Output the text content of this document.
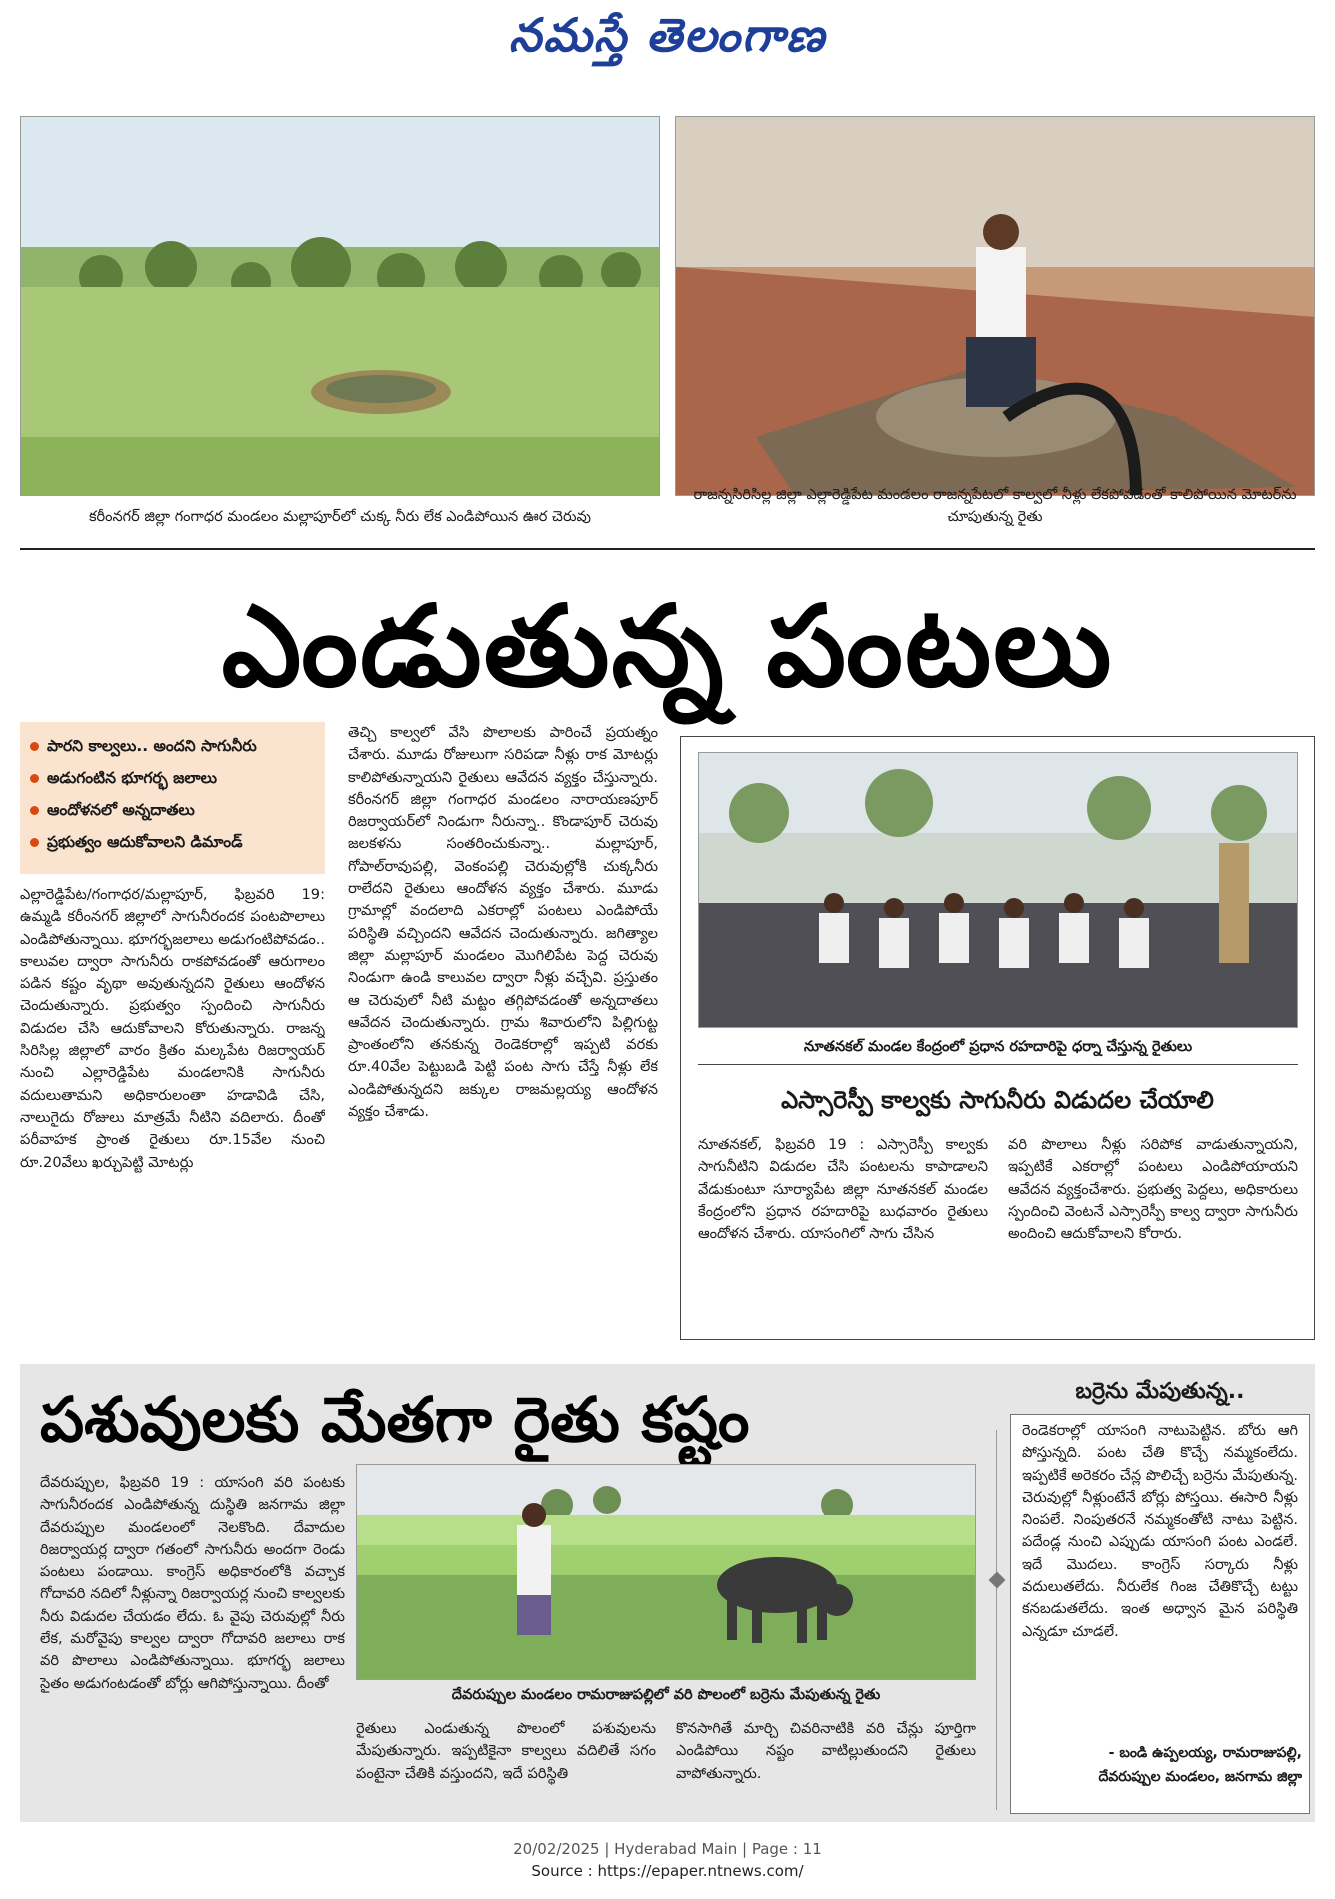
నమస్తే తెలంగాణ
కరీంనగర్‌ జిల్లా గంగాధర మండలం మల్లాపూర్‌లో చుక్క నీరు లేక ఎండిపోయిన ఊర చెరువు
రాజన్నసిరిసిల్ల జిల్లా ఎల్లారెడ్డిపేట మండలం రాజన్నపేటలో కాల్వలో నీళ్లు లేకపోవడంతో కాలిపోయిన మోటర్‌ను చూపుతున్న రైతు
ఎండుతున్న పంటలు
పారని కాల్వలు.. అందని సాగునీరు
అడుగంటిన భూగర్భ జలాలు
ఆందోళనలో అన్నదాతలు
ప్రభుత్వం ఆదుకోవాలని డిమాండ్‌
ఎల్లారెడ్డిపేట/గంగాధర/మల్లాపూర్‌, ఫిబ్రవరి 19: ఉమ్మడి కరీంనగర్‌ జిల్లాలో సాగునీరందక పంటపొలాలు ఎండిపోతున్నాయి. భూగర్భజలాలు అడుగంటిపోవడం.. కాలువల ద్వారా సాగునీరు రాకపోవడంతో ఆరుగాలం పడిన కష్టం వృథా అవుతున్నదని రైతులు ఆందోళన చెందుతున్నారు. ప్రభుత్వం స్పందించి సాగునీరు విడుదల చేసి ఆదుకోవాలని కోరుతున్నారు. రాజన్న సిరిసిల్ల జిల్లాలో వారం క్రితం మల్కపేట రిజర్వాయర్‌ నుంచి ఎల్లారెడ్డిపేట మండలానికి సాగునీరు వదులుతామని అధికారులంతా హడావిడి చేసి, నాలుగైదు రోజులు మాత్రమే నీటిని వదిలారు. దీంతో పరీవాహక ప్రాంత రైతులు రూ.15వేల నుంచి రూ.20వేలు ఖర్చుపెట్టి మోటర్లు
తెచ్చి కాల్వలో వేసి పొలాలకు పారించే ప్రయత్నం చేశారు. మూడు రోజులుగా సరిపడా నీళ్లు రాక మోటర్లు కాలిపోతున్నాయని రైతులు ఆవేదన వ్యక్తం చేస్తున్నారు. కరీంనగర్‌ జిల్లా గంగాధర మండలం నారాయణపూర్‌ రిజర్వాయర్‌లో నిండుగా నీరున్నా.. కొండాపూర్‌ చెరువు జలకళను సంతరించుకున్నా.. మల్లాపూర్‌, గోపాల్‌రావుపల్లి, వెంకంపల్లి చెరువుల్లోకి చుక్కనీరు రాలేదని రైతులు ఆందోళన వ్యక్తం చేశారు. మూడు గ్రామాల్లో వందలాది ఎకరాల్లో పంటలు ఎండిపోయే పరిస్థితి వచ్చిందని ఆవేదన చెందుతున్నారు. జగిత్యాల జిల్లా మల్లాపూర్‌ మండలం మొగిలిపేట పెద్ద చెరువు నిండుగా ఉండి కాలువల ద్వారా నీళ్లు వచ్చేవి. ప్రస్తుతం ఆ చెరువులో నీటి మట్టం తగ్గిపోవడంతో అన్నదాతలు ఆవేదన చెందుతున్నారు. గ్రామ శివారులోని పిల్లిగుట్ట ప్రాంతంలోని తనకున్న రెండెకరాల్లో ఇప్పటి వరకు రూ.40వేల పెట్టుబడి పెట్టి పంట సాగు చేస్తే నీళ్లు లేక ఎండిపోతున్నదని జక్కుల రాజమల్లయ్య ఆందోళన వ్యక్తం చేశాడు.
నూతనకల్‌ మండల కేంద్రంలో ప్రధాన రహదారిపై ధర్నా చేస్తున్న రైతులు
ఎస్సారెస్పీ కాల్వకు సాగునీరు విడుదల చేయాలి
నూతనకల్‌, ఫిబ్రవరి 19 : ఎస్సారెస్పీ కాల్వకు సాగునీటిని విడుదల చేసి పంటలను కాపాడాలని వేడుకుంటూ సూర్యాపేట జిల్లా నూతనకల్‌ మండల కేంద్రంలోని ప్రధాన రహదారిపై బుధవారం రైతులు ఆందోళన చేశారు. యాసంగిలో సాగు చేసిన
వరి పొలాలు నీళ్లు సరిపోక వాడుతున్నాయని, ఇప్పటికే ఎకరాల్లో పంటలు ఎండిపోయాయని ఆవేదన వ్యక్తంచేశారు. ప్రభుత్వ పెద్దలు, అధికారులు స్పందించి వెంటనే ఎస్సారెస్పీ కాల్వ ద్వారా సాగునీరు అందించి ఆదుకోవాలని కోరారు.
పశువులకు మేతగా రైతు కష్టం
దేవరుప్పుల, ఫిబ్రవరి 19 : యాసంగి వరి పంటకు సాగునీరందక ఎండిపోతున్న దుస్థితి జనగామ జిల్లా దేవరుప్పుల మండలంలో నెలకొంది. దేవాదుల రిజర్వాయర్ల ద్వారా గతంలో సాగునీరు అందగా రెండు పంటలు పండాయి. కాంగ్రెస్‌ అధికారంలోకి వచ్చాక గోదావరి నదిలో నీళ్లున్నా రిజర్వాయర్ల నుంచి కాల్వలకు నీరు విడుదల చేయడం లేదు. ఓ వైపు చెరువుల్లో నీరు లేక, మరోవైపు కాల్వల ద్వారా గోదావరి జలాలు రాక వరి పొలాలు ఎండిపోతున్నాయి. భూగర్భ జలాలు సైతం అడుగంటడంతో బోర్లు ఆగిపోస్తున్నాయి. దీంతో
దేవరుప్పుల మండలం రామరాజుపల్లిలో వరి పొలంలో బర్రెను మేపుతున్న రైతు
రైతులు ఎండుతున్న పొలంలో పశువులను మేపుతున్నారు. ఇప్పటికైనా కాల్వలు వదిలితే సగం పంటైనా చేతికి వస్తుందని, ఇదే పరిస్థితి
కొనసాగితే మార్చి చివరినాటికి వరి చేన్లు పూర్తిగా ఎండిపోయి నష్టం వాటిల్లుతుందని రైతులు వాపోతున్నారు.
బర్రెను మేపుతున్న..
రెండెకరాల్లో యాసంగి నాటుపెట్టిన. బోరు ఆగి పోస్తున్నది. పంట చేతి కొచ్చే నమ్మకంలేదు. ఇప్పటికే అరెకరం చేన్ల పొలిచ్చే బర్రెను మేపుతున్న. చెరువుల్లో నీళ్లుంటేనే బోర్లు పోస్తయి. ఈసారి నీళ్లు నింపలే. నింపుతరనే నమ్మకంతోటి నాటు పెట్టిన. పదేండ్ల నుంచి ఎప్పుడు యాసంగి పంట ఎండలే. ఇదే మొదలు. కాంగ్రెస్‌ సర్కారు నీళ్లు వదులుతలేదు. నీరులేక గింజ చేతికొచ్చే టట్టు కనబడుతలేదు. ఇంత అధ్వాన మైన పరిస్థితి ఎన్నడూ చూడలే.
- బండి ఉప్పలయ్య, రామరాజుపల్లి,
దేవరుప్పుల మండలం, జనగామ జిల్లా
20/02/2025 | Hyderabad Main | Page : 11
Source : https://epaper.ntnews.com/
